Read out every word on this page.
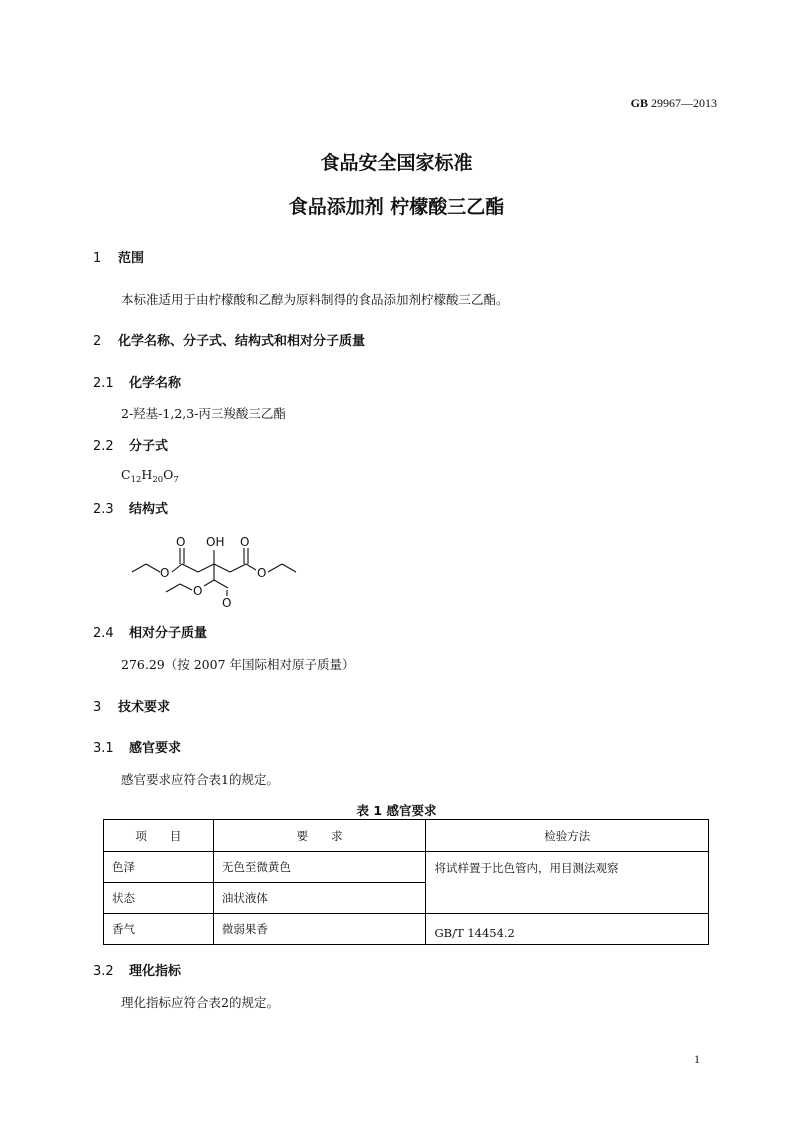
GB 29967—2013
食品安全国家标准
食品添加剂 柠檬酸三乙酯
1 范围
本标准适用于由柠檬酸和乙醇为原料制得的食品添加剂柠檬酸三乙酯。
2 化学名称、分子式、结构式和相对分子质量
2.1 化学名称
2-羟基-1,2,3-丙三羧酸三乙酯
2.2 分子式
$C_{12}H_{20}O_7$
2.3 结构式
O OH O
O	O
O
O
2.4 相对分子质量
276.29（按 2007 年国际相对原子质量）
3 技术要求
3.1 感官要求
感官要求应符合表1的规定。
表 1 感官要求
项　　目	要　　求	检验方法
色泽	无色至微黄色	将试样置于比色管内，用目测法观察
状态	油状液体	
香气	微弱果香	GB/T 14454.2
3.2 理化指标
理化指标应符合表2的规定。
1
